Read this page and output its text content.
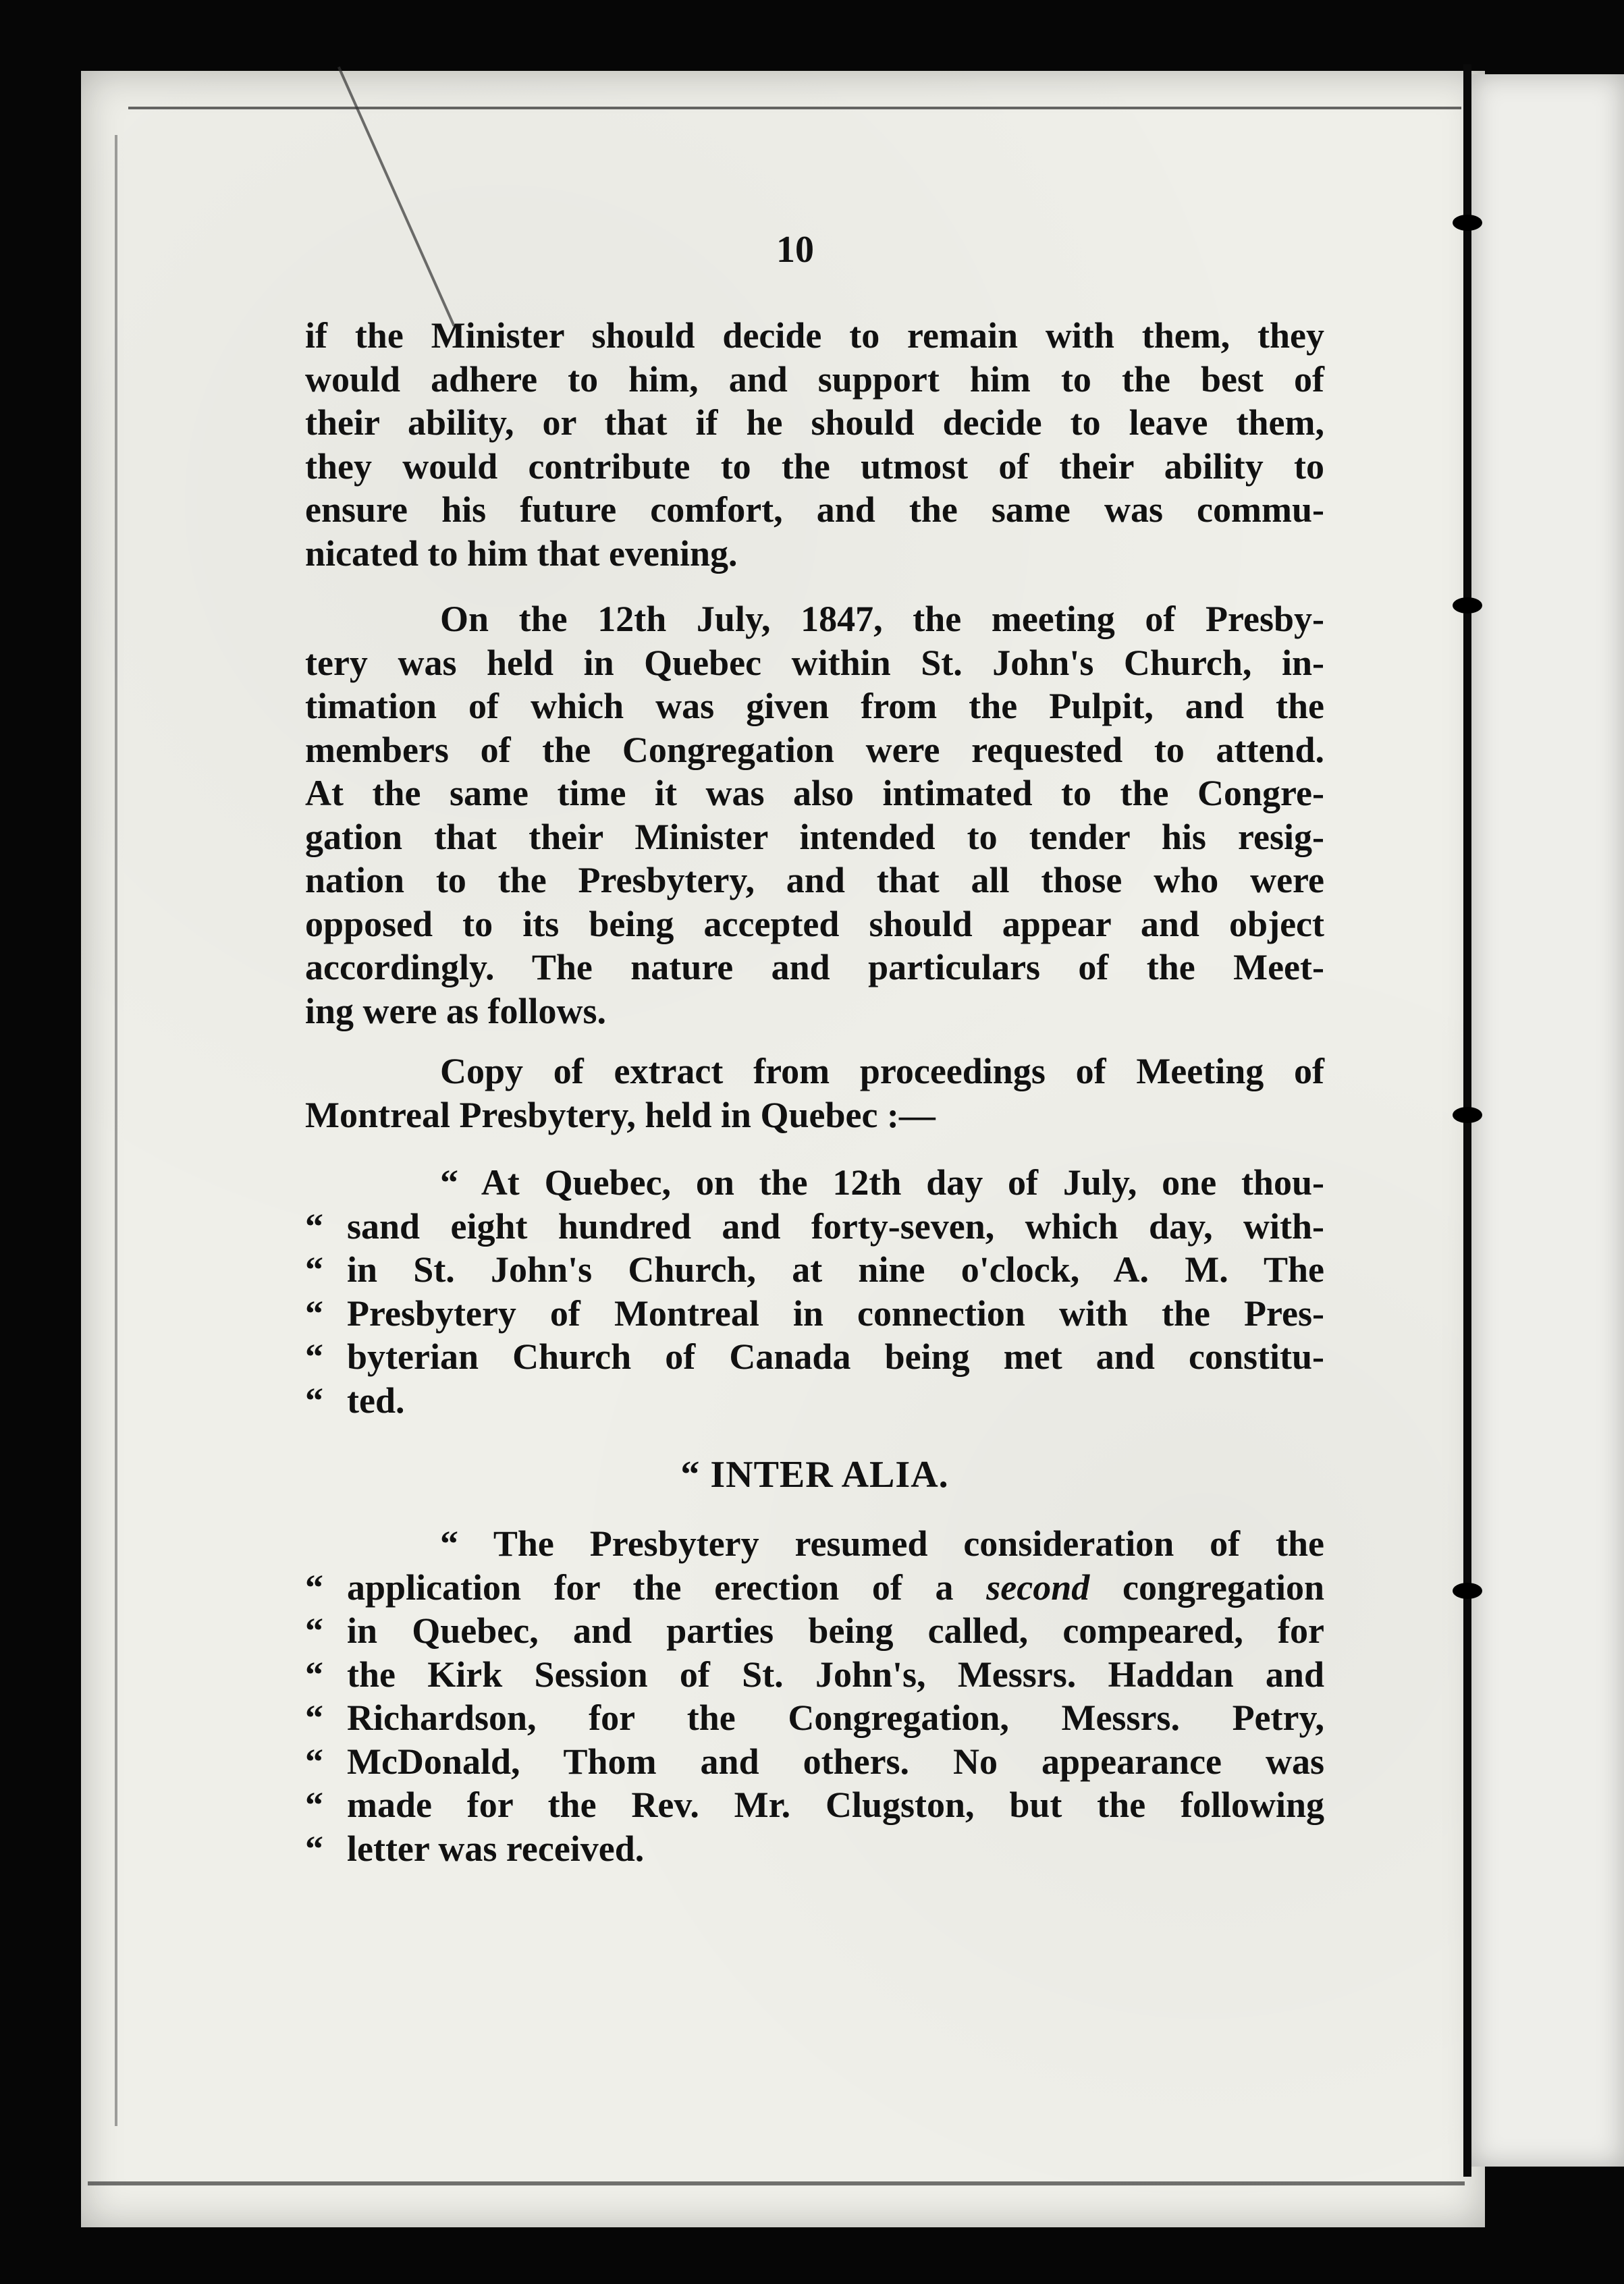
10
if the Minister should decide to remain with them, they
would adhere to him, and support him to the best of
their ability, or that if he should decide to leave them,
they would contribute to the utmost of their ability to
ensure his future comfort, and the same was commu-
nicated to him that evening.
On the 12th July, 1847, the meeting of Presby-
tery was held in Quebec within St. John's Church, in-
timation of which was given from the Pulpit, and the
members of the Congregation were requested to attend.
At the same time it was also intimated to the Congre-
gation that their Minister intended to tender his resig-
nation to the Presbytery, and that all those who were
opposed to its being accepted should appear and object
accordingly. The nature and particulars of the Meet-
ing were as follows.
Copy of extract from proceedings of Meeting of
Montreal Presbytery, held in Quebec :—
“ At Quebec, on the 12th day of July, one thou-
“ sand eight hundred and forty-seven, which day, with-
“ in St. John's Church, at nine o'clock, A. M. The
“ Presbytery of Montreal in connection with the Pres-
“ byterian Church of Canada being met and constitu-
“ ted.
“ INTER ALIA.
“ The Presbytery resumed consideration of the
“ application for the erection of a second congregation
“ in Quebec, and parties being called, compeared, for
“ the Kirk Session of St. John's, Messrs. Haddan and
“ Richardson, for the Congregation, Messrs. Petry,
“ McDonald, Thom and others. No appearance was
“ made for the Rev. Mr. Clugston, but the following
“ letter was received.
